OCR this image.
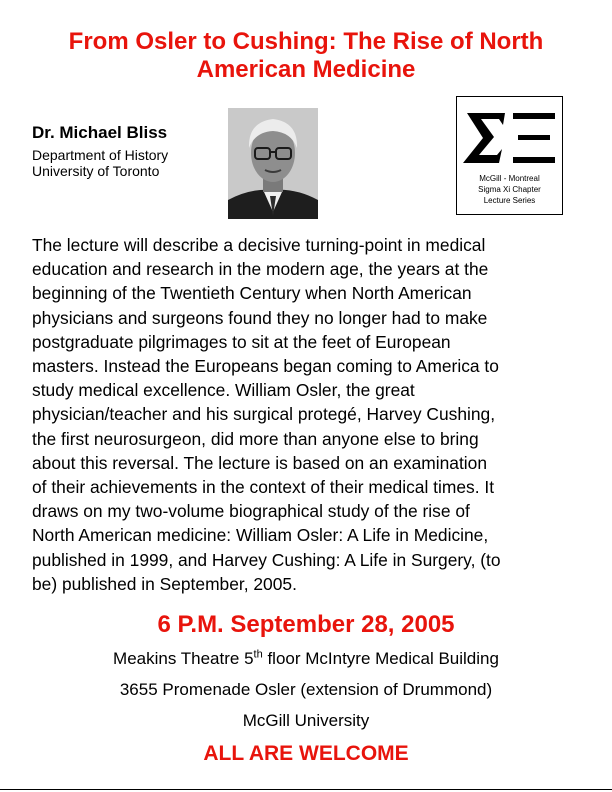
From Osler to Cushing: The Rise of North
American Medicine
Dr. Michael Bliss
Department of History
University of Toronto	McGill - Montreal
Sigma Xi Chapter
Lecture Series
The lecture will describe a decisive turning-point in medical
education and research in the modern age, the years at the
beginning of the Twentieth Century when North American
physicians and surgeons found they no longer had to make
postgraduate pilgrimages to sit at the feet of European
masters. Instead the Europeans began coming to America to
study medical excellence. William Osler, the great
physician/teacher and his surgical protegé, Harvey Cushing,
the first neurosurgeon, did more than anyone else to bring
about this reversal. The lecture is based on an examination
of their achievements in the context of their medical times. It
draws on my two-volume biographical study of the rise of
North American medicine: William Osler: A Life in Medicine,
published in 1999, and Harvey Cushing: A Life in Surgery, (to
be) published in September, 2005.
6 P.M. September 28, 2005
Meakins Theatre 5th floor McIntyre Medical Building
3655 Promenade Osler (extension of Drummond)
McGill University
ALL ARE WELCOME
